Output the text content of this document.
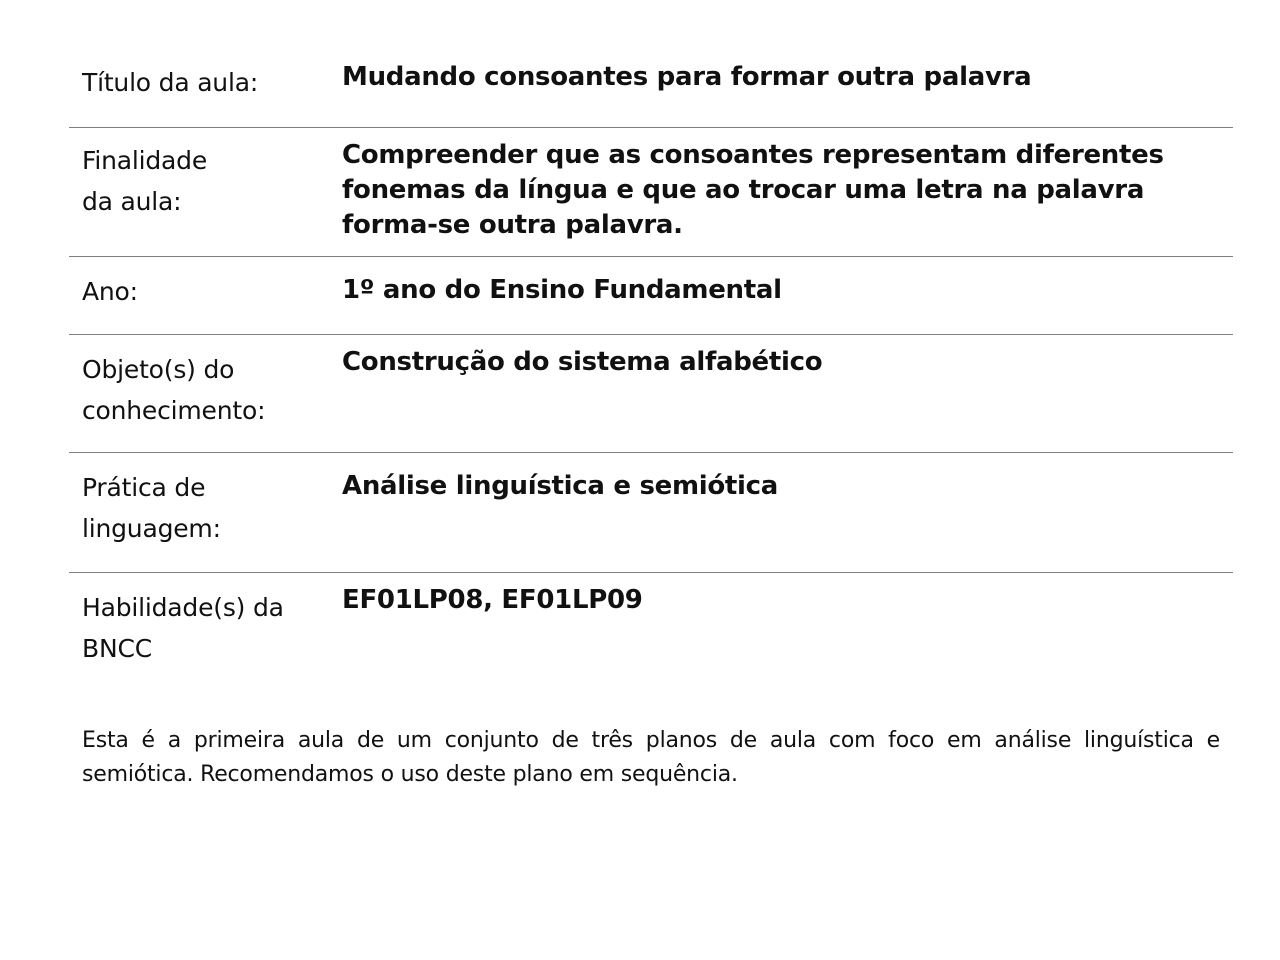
Título da aula:	Mudando consoantes para formar outra palavra
Finalidade
da aula:
Compreender que as consoantes representam diferentes fonemas da língua e que ao trocar uma letra na palavra forma-se outra palavra.
Ano:	1º ano do Ensino Fundamental
Objeto(s) do
conhecimento:
Construção do sistema alfabético
Prática de
linguagem:
Análise linguística e semiótica
Habilidade(s) da
BNCC
EF01LP08, EF01LP09

Esta é a primeira aula de um conjunto de três planos de aula com foco em análise linguística e semiótica. Recomendamos o uso deste plano em sequência.
